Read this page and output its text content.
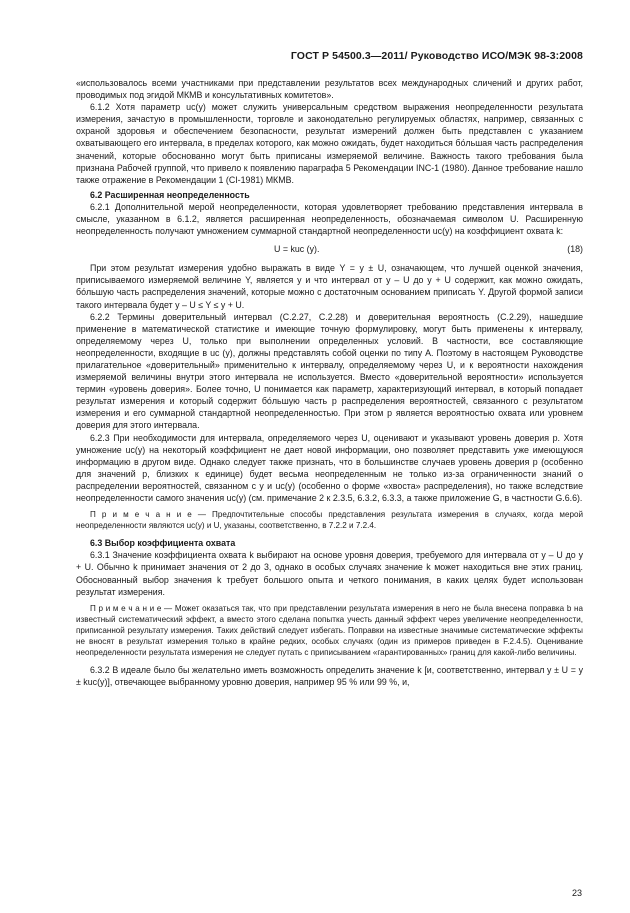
ГОСТ Р 54500.3—2011/ Руководство ИСО/МЭК 98-3:2008

«использовалось всеми участниками при представлении результатов всех международных сличений и других работ, проводимых под эгидой МКМВ и консультативных комитетов».

6.1.2 Хотя параметр uc(y) может служить универсальным средством выражения неопределенности результата измерения, зачастую в промышленности, торговле и законодательно регулируемых областях, например, связанных с охраной здоровья и обеспечением безопасности, результат измерений должен быть представлен с указанием охватывающего его интервала, в пределах которого, как можно ожидать, будет находиться бо́льшая часть распределения значений, которые обоснованно могут быть приписаны измеряемой величине. Важность такого требования была признана Рабочей группой, что привело к появлению параграфа 5 Рекомендации INC-1 (1980). Данное требование нашло также отражение в Рекомендации 1 (CI-1981) МКМВ.

6.2 Расширенная неопределенность

6.2.1 Дополнительной мерой неопределенности, которая удовлетворяет требованию представления интервала в смысле, указанном в 6.1.2, является расширенная неопределенность, обозначаемая символом U. Расширенную неопределенность получают умножением суммарной стандартной неопределенности uc(y) на коэффициент охвата k:

U = kuc (y).	(18)

При этом результат измерения удобно выражать в виде Y = y ± U, означающем, что лучшей оценкой значения, приписываемого измеряемой величине Y, является y и что интервал от y – U до y + U содержит, как можно ожидать, бо́льшую часть распределения значений, которые можно с достаточным основанием приписать Y. Другой формой записи такого интервала будет y – U ≤ Y ≤ y + U.

6.2.2 Термины доверительный интервал (C.2.27, C.2.28) и доверительная вероятность (C.2.29), нашедшие применение в математической статистике и имеющие точную формулировку, могут быть применены к интервалу, определяемому через U, только при выполнении определенных условий. В частности, все составляющие неопределенности, входящие в uc (y), должны представлять собой оценки по типу А. Поэтому в настоящем Руководстве прилагательное «доверительный» применительно к интервалу, определяемому через U, и к вероятности нахождения измеряемой величины внутри этого интервала не используется. Вместо «доверительной вероятности» используется термин «уровень доверия». Более точно, U понимается как параметр, характеризующий интервал, в который попадает результат измерения и который содержит бо́льшую часть p распределения вероятностей, связанного с результатом измерения и его суммарной стандартной неопределенностью. При этом p является вероятностью охвата или уровнем доверия для этого интервала.

6.2.3 При необходимости для интервала, определяемого через U, оценивают и указывают уровень доверия p. Хотя умножение uc(y) на некоторый коэффициент не дает новой информации, оно позволяет представить уже имеющуюся информацию в другом виде. Однако следует также признать, что в большинстве случаев уровень доверия p (особенно для значений p, близких к единице) будет весьма неопределенным не только из-за ограниченности знаний о распределении вероятностей, связанном с y и uc(y) (особенно о форме «хвоста» распределения), но также вследствие неопределенности самого значения uc(y) (см. примечание 2 к 2.3.5, 6.3.2, 6.3.3, а также приложение G, в частности G.6.6).

П р и м е ч а н и е — Предпочтительные способы представления результата измерения в случаях, когда мерой неопределенности являются uc(y) и U, указаны, соответственно, в 7.2.2 и 7.2.4.

6.3 Выбор коэффициента охвата

6.3.1 Значение коэффициента охвата k выбирают на основе уровня доверия, требуемого для интервала от y – U до y + U. Обычно k принимает значения от 2 до 3, однако в особых случаях значение k может находиться вне этих границ. Обоснованный выбор значения k требует большого опыта и четкого понимания, в каких целях будет использован результат измерения.

П р и м е ч а н и е — Может оказаться так, что при представлении результата измерения в него не была внесена поправка b на известный систематический эффект, а вместо этого сделана попытка учесть данный эффект через увеличение неопределенности, приписанной результату измерения. Таких действий следует избегать. Поправки на известные значимые систематические эффекты не вносят в результат измерения только в крайне редких, особых случаях (один из примеров приведен в F.2.4.5). Оценивание неопределенности результата измерения не следует путать с приписыванием «гарантированных» границ для какой-либо величины.

6.3.2 В идеале было бы желательно иметь возможность определить значение k [и, соответственно, интервал y ± U = y ± kuc(y)], отвечающее выбранному уровню доверия, например 95 % или 99 %, и,

23
